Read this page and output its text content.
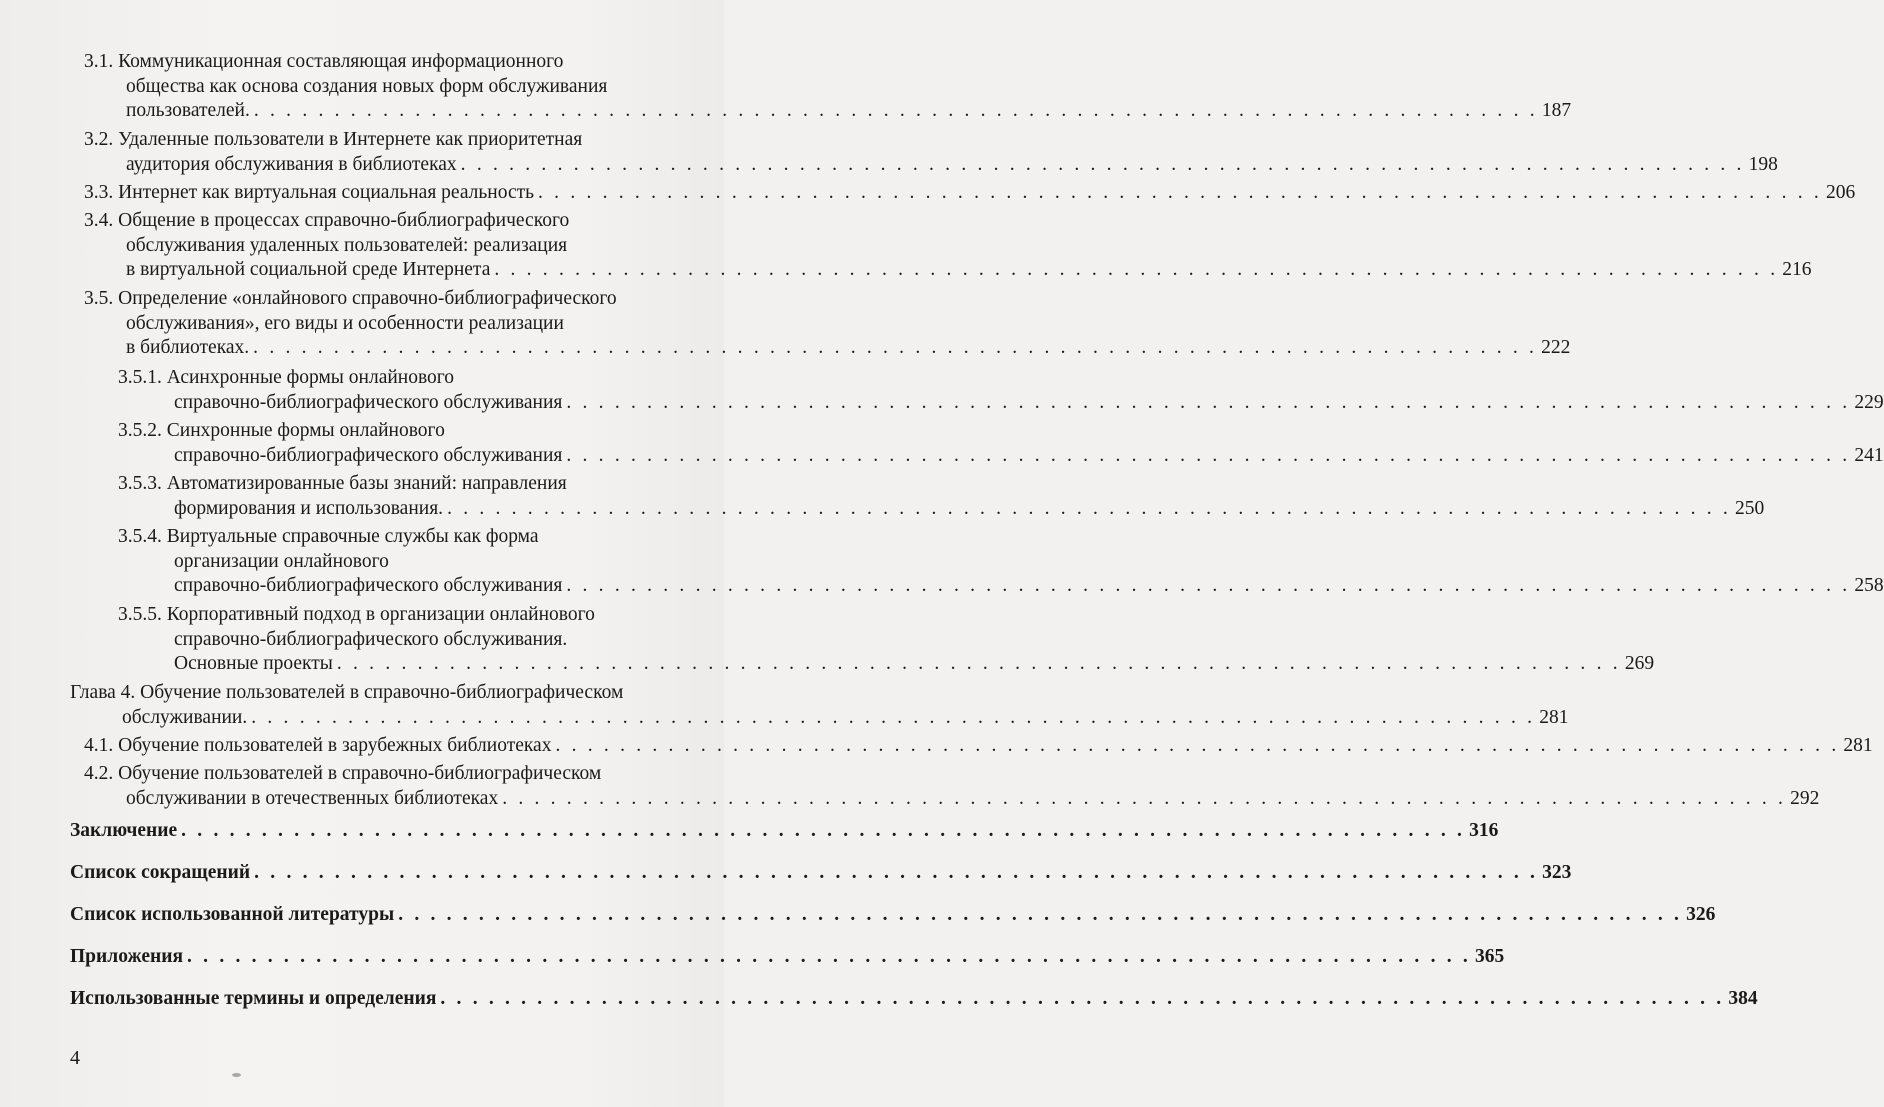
3.1. Коммуникационная составляющая информационного
общества как основа создания новых форм обслуживания
пользователей. . . . . . . . . . . . . . . . . . . . . . . . . . . . . . . . . . . . . . . . . . . . . . . . . . . . . . . . . . . . . . . . . . . . . . . . . . . . . . . . . 187
3.2. Удаленные пользователи в Интернете как приоритетная
аудитория обслуживания в библиотеках . . . . . . . . . . . . . . . . . . . . . . . . . . . . . . . . . . . . . . . . . . . . . . . . . . . . . . . . . . . . . . . . . . . . . . . . . . . . . . . . 198
3.3. Интернет как виртуальная социальная реальность . . . . . . . . . . . . . . . . . . . . . . . . . . . . . . . . . . . . . . . . . . . . . . . . . . . . . . . . . . . . . . . . . . . . . . . . . . . . . . . . 206
3.4. Общение в процессах справочно-библиографического
обслуживания удаленных пользователей: реализация
в виртуальной социальной среде Интернета . . . . . . . . . . . . . . . . . . . . . . . . . . . . . . . . . . . . . . . . . . . . . . . . . . . . . . . . . . . . . . . . . . . . . . . . . . . . . . . . 216
3.5. Определение «онлайнового справочно-библиографического
обслуживания», его виды и особенности реализации
в библиотеках. . . . . . . . . . . . . . . . . . . . . . . . . . . . . . . . . . . . . . . . . . . . . . . . . . . . . . . . . . . . . . . . . . . . . . . . . . . . . . . . . 222
3.5.1. Асинхронные формы онлайнового
справочно-библиографического обслуживания . . . . . . . . . . . . . . . . . . . . . . . . . . . . . . . . . . . . . . . . . . . . . . . . . . . . . . . . . . . . . . . . . . . . . . . . . . . . . . . . 229
3.5.2. Синхронные формы онлайнового
справочно-библиографического обслуживания . . . . . . . . . . . . . . . . . . . . . . . . . . . . . . . . . . . . . . . . . . . . . . . . . . . . . . . . . . . . . . . . . . . . . . . . . . . . . . . . 241
3.5.3. Автоматизированные базы знаний: направления
формирования и использования. . . . . . . . . . . . . . . . . . . . . . . . . . . . . . . . . . . . . . . . . . . . . . . . . . . . . . . . . . . . . . . . . . . . . . . . . . . . . . . . . 250
3.5.4. Виртуальные справочные службы как форма
организации онлайнового
справочно-библиографического обслуживания . . . . . . . . . . . . . . . . . . . . . . . . . . . . . . . . . . . . . . . . . . . . . . . . . . . . . . . . . . . . . . . . . . . . . . . . . . . . . . . . 258
3.5.5. Корпоративный подход в организации онлайнового
справочно-библиографического обслуживания.
Основные проекты . . . . . . . . . . . . . . . . . . . . . . . . . . . . . . . . . . . . . . . . . . . . . . . . . . . . . . . . . . . . . . . . . . . . . . . . . . . . . . . . 269
Глава 4. Обучение пользователей в справочно-библиографическом
обслуживании. . . . . . . . . . . . . . . . . . . . . . . . . . . . . . . . . . . . . . . . . . . . . . . . . . . . . . . . . . . . . . . . . . . . . . . . . . . . . . . . . 281
4.1. Обучение пользователей в зарубежных библиотеках . . . . . . . . . . . . . . . . . . . . . . . . . . . . . . . . . . . . . . . . . . . . . . . . . . . . . . . . . . . . . . . . . . . . . . . . . . . . . . . . 281
4.2. Обучение пользователей в справочно-библиографическом
обслуживании в отечественных библиотеках . . . . . . . . . . . . . . . . . . . . . . . . . . . . . . . . . . . . . . . . . . . . . . . . . . . . . . . . . . . . . . . . . . . . . . . . . . . . . . . . 292
Заключение . . . . . . . . . . . . . . . . . . . . . . . . . . . . . . . . . . . . . . . . . . . . . . . . . . . . . . . . . . . . . . . . . . . . . . . . . . . . . . . . 316
Список сокращений . . . . . . . . . . . . . . . . . . . . . . . . . . . . . . . . . . . . . . . . . . . . . . . . . . . . . . . . . . . . . . . . . . . . . . . . . . . . . . . . 323
Список использованной литературы . . . . . . . . . . . . . . . . . . . . . . . . . . . . . . . . . . . . . . . . . . . . . . . . . . . . . . . . . . . . . . . . . . . . . . . . . . . . . . . . 326
Приложения . . . . . . . . . . . . . . . . . . . . . . . . . . . . . . . . . . . . . . . . . . . . . . . . . . . . . . . . . . . . . . . . . . . . . . . . . . . . . . . . 365
Использованные термины и определения . . . . . . . . . . . . . . . . . . . . . . . . . . . . . . . . . . . . . . . . . . . . . . . . . . . . . . . . . . . . . . . . . . . . . . . . . . . . . . . . 384
4
